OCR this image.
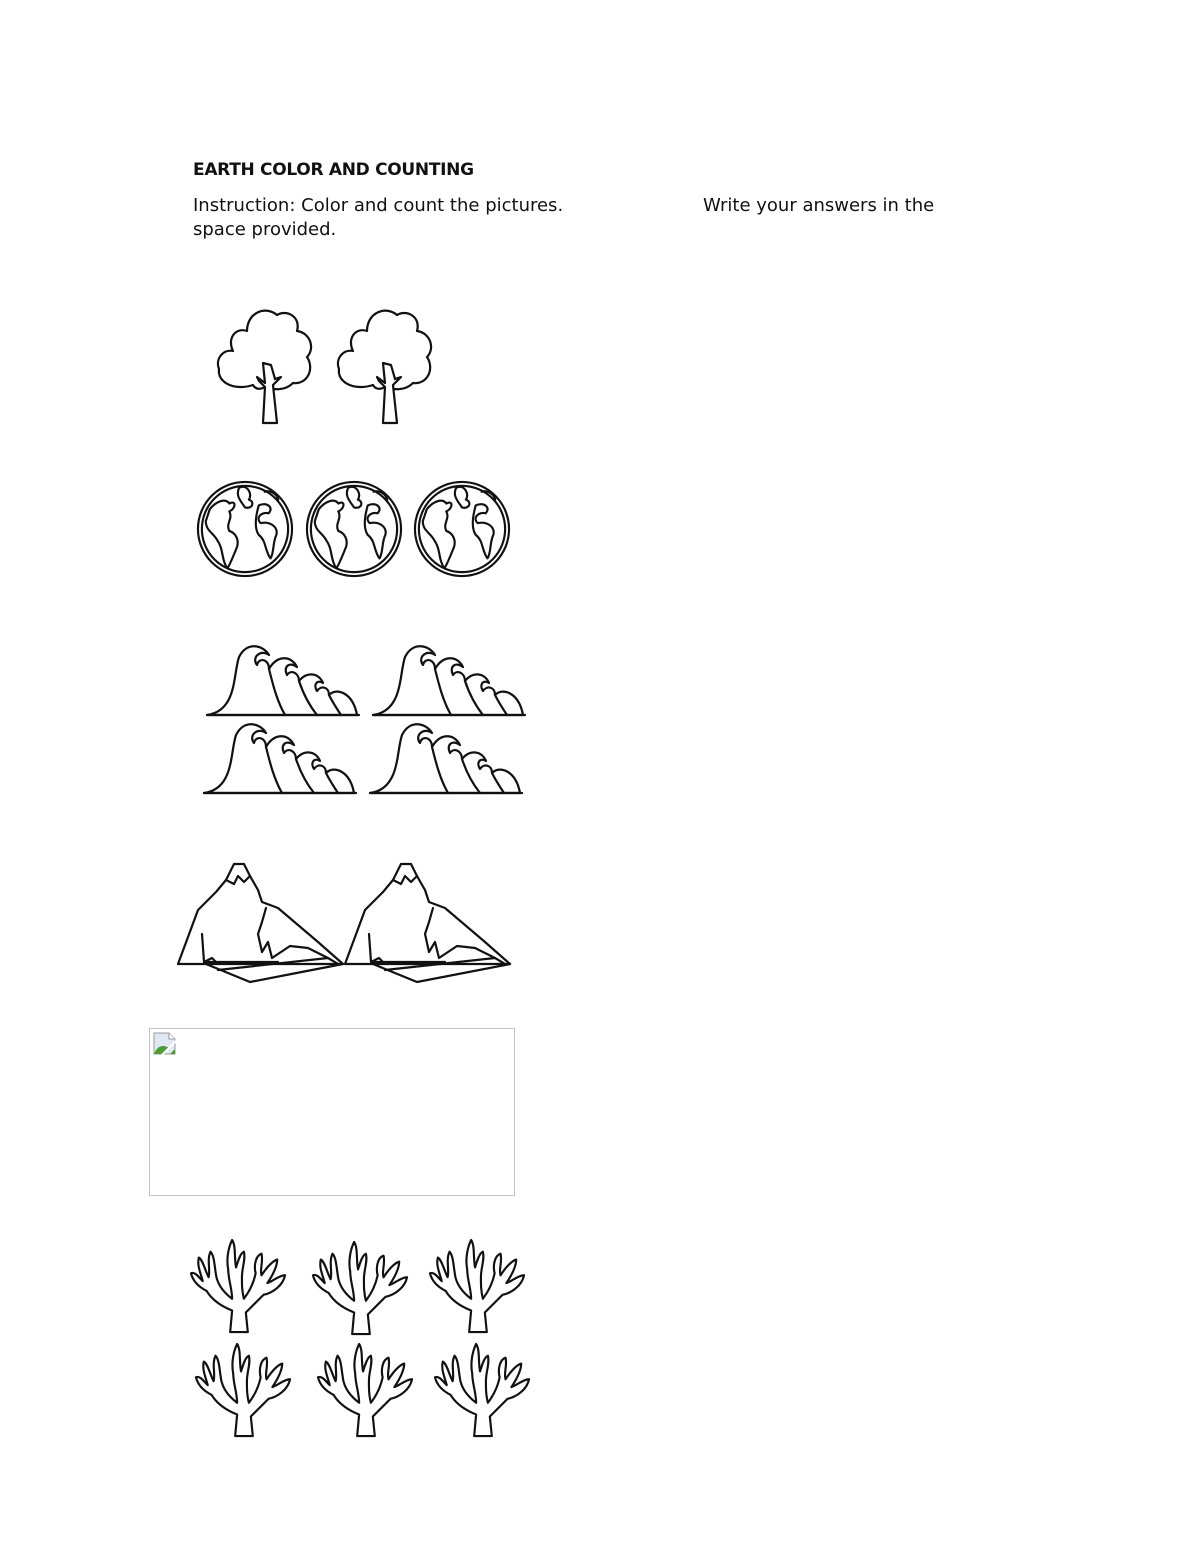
EARTH COLOR AND COUNTING
Instruction: Color and count the pictures.	Write your answers in the

space provided.
